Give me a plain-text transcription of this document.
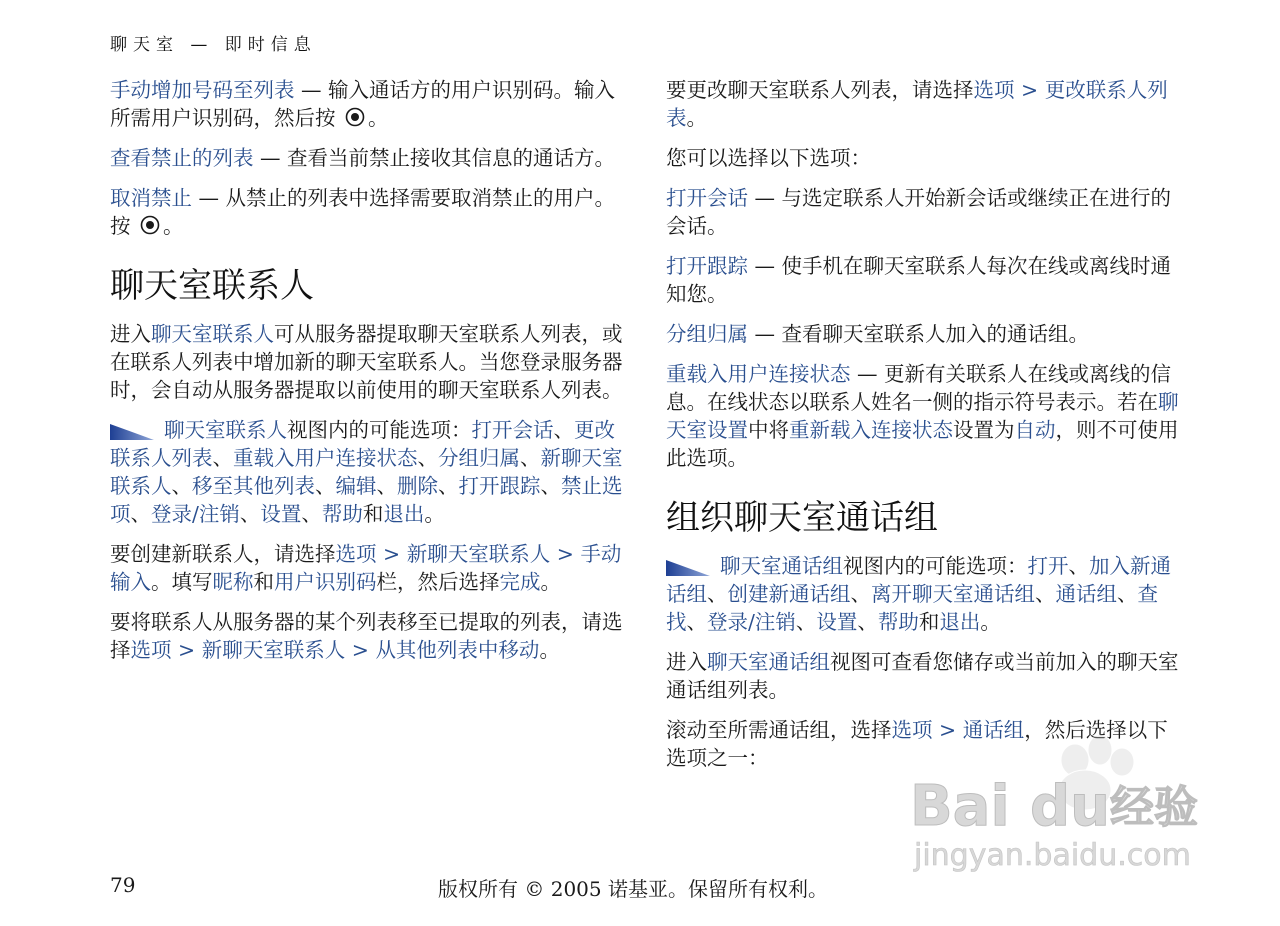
聊天室 — 即时信息

手动增加号码至列表 — 输入通话方的用户识别码。输入所需用户识别码，然后按 。

查看禁止的列表 — 查看当前禁止接收其信息的通话方。

取消禁止 — 从禁止的列表中选择需要取消禁止的用户。按 。

聊天室联系人

进入聊天室联系人可从服务器提取聊天室联系人列表，或在联系人列表中增加新的聊天室联系人。当您登录服务器时，会自动从服务器提取以前使用的聊天室联系人列表。

聊天室联系人视图内的可能选项：打开会话、更改联系人列表、重载入用户连接状态、分组归属、新聊天室联系人、移至其他列表、编辑、删除、打开跟踪、禁止选项、登录/注销、设置、帮助和退出。

要创建新联系人，请选择选项 > 新聊天室联系人 > 手动输入。填写昵称和用户识别码栏，然后选择完成。

要将联系人从服务器的某个列表移至已提取的列表，请选择选项 > 新聊天室联系人 > 从其他列表中移动。

要更改聊天室联系人列表，请选择选项 > 更改联系人列表。

您可以选择以下选项：

打开会话 — 与选定联系人开始新会话或继续正在进行的会话。

打开跟踪 — 使手机在聊天室联系人每次在线或离线时通知您。

分组归属 — 查看聊天室联系人加入的通话组。

重载入用户连接状态 — 更新有关联系人在线或离线的信息。在线状态以联系人姓名一侧的指示符号表示。若在聊天室设置中将重新载入连接状态设置为自动，则不可使用此选项。

组织聊天室通话组

聊天室通话组视图内的可能选项：打开、加入新通话组、创建新通话组、离开聊天室通话组、通话组、查找、登录/注销、设置、帮助和退出。

进入聊天室通话组视图可查看您储存或当前加入的聊天室通话组列表。

滚动至所需通话组，选择选项 > 通话组，然后选择以下选项之一：

79	版权所有 © 2005 诺基亚。保留所有权利。
Bai du 经验
jingyan.baidu.com
